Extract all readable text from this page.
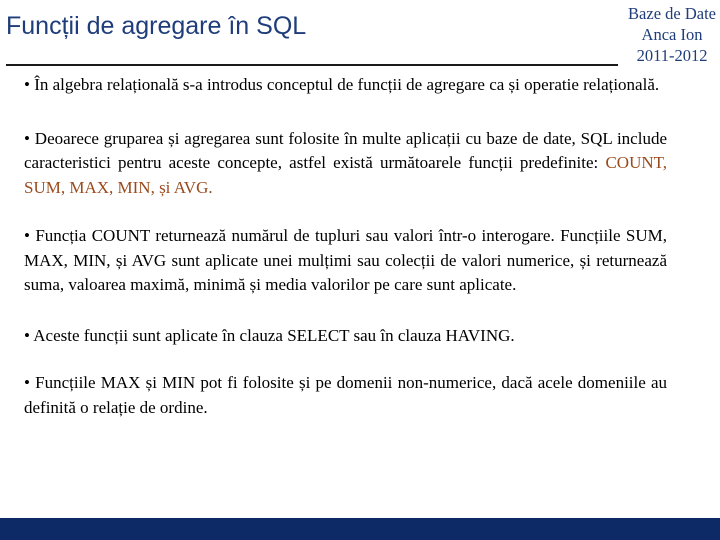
Funcții de agregare în SQL	Baze de Date
Anca Ion
2011-2012

• În algebra relațională s-a introdus conceptul de funcții de agregare ca și operatie relațională.

• Deoarece gruparea și agregarea sunt folosite în multe aplicații cu baze de date, SQL include caracteristici pentru aceste concepte, astfel există următoarele funcții predefinite: COUNT, SUM, MAX, MIN, și AVG.

• Funcția COUNT returnează numărul de tupluri sau valori într-o interogare. Funcțiile SUM, MAX, MIN, și AVG sunt aplicate unei mulțimi sau colecții de valori numerice, și returnează suma, valoarea maximă, minimă și media valorilor pe care sunt aplicate.

• Aceste funcții sunt aplicate în clauza SELECT sau în clauza HAVING.

• Funcțiile MAX și MIN pot fi folosite și pe domenii non-numerice, dacă acele domeniile au definită o relație de ordine.
